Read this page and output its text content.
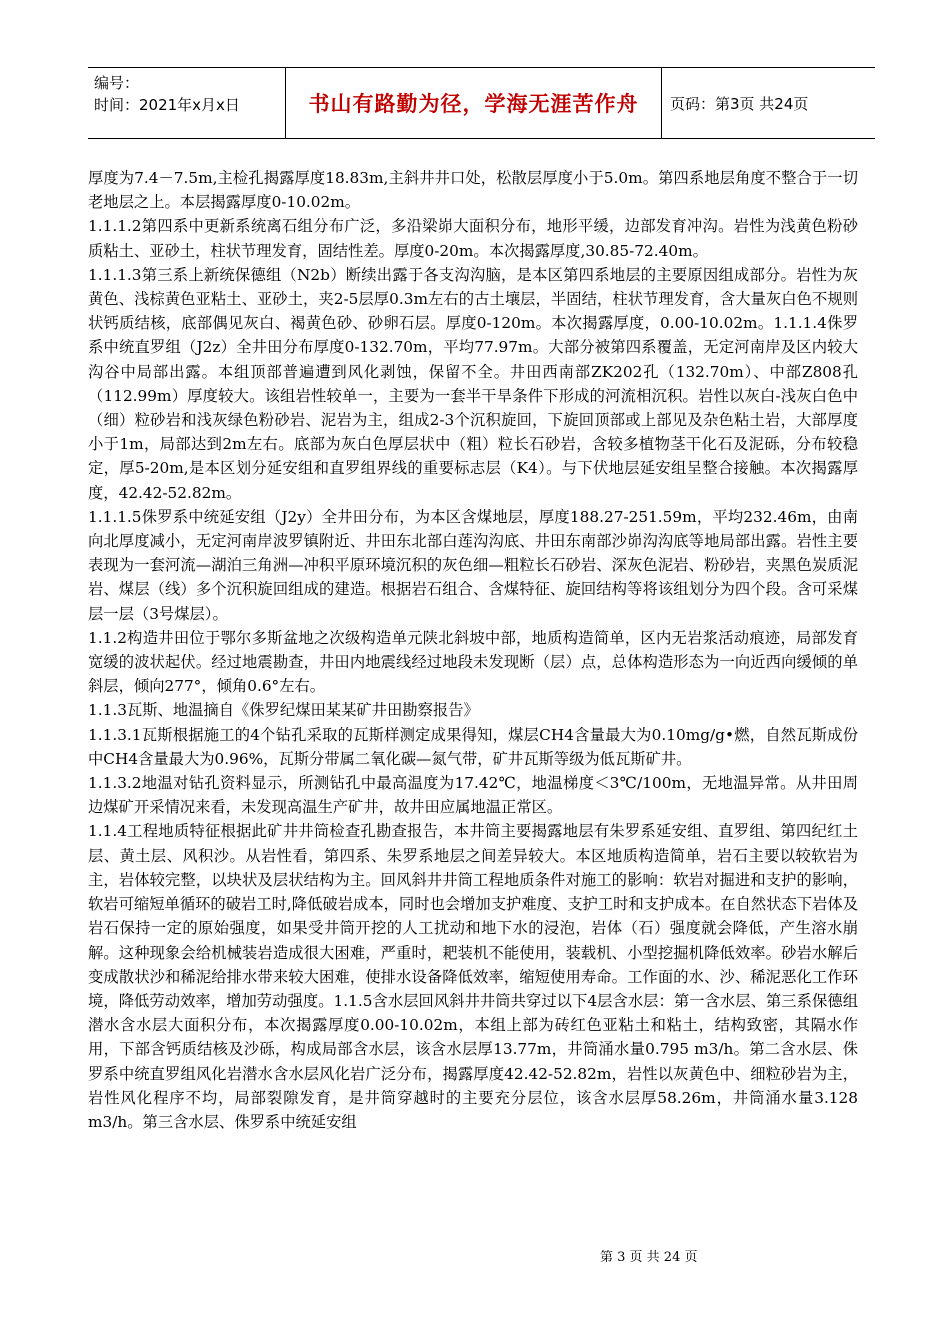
编号：
时间：2021年x月x日	书山有路勤为径，学海无涯苦作舟	页码：第3页 共24页

厚度为7.4－7.5m,主检孔揭露厚度18.83m,主斜井井口处，松散层厚度小于5.0m。第四系地层角度不整合于一切老地层之上。本层揭露厚度0-10.02m。

1.1.1.2第四系中更新系统离石组分布广泛，多沿梁峁大面积分布，地形平缓，边部发育冲沟。岩性为浅黄色粉砂质粘土、亚砂土，柱状节理发育，固结性差。厚度0-20m。本次揭露厚度,30.85-72.40m。

1.1.1.3第三系上新统保德组（N2b）断续出露于各支沟沟脑，是本区第四系地层的主要原因组成部分。岩性为灰黄色、浅棕黄色亚粘土、亚砂土，夹2-5层厚0.3m左右的古土壤层，半固结，柱状节理发育，含大量灰白色不规则状钙质结核，底部偶见灰白、褐黄色砂、砂卵石层。厚度0-120m。本次揭露厚度，0.00-10.02m。1.1.1.4侏罗系中统直罗组（J2z）全井田分布厚度0-132.70m，平均77.97m。大部分被第四系覆盖，无定河南岸及区内较大沟谷中局部出露。本组顶部普遍遭到风化剥蚀，保留不全。井田西南部ZK202孔（132.70m）、中部Z808孔（112.99m）厚度较大。该组岩性较单一，主要为一套半干旱条件下形成的河流相沉积。岩性以灰白-浅灰白色中（细）粒砂岩和浅灰绿色粉砂岩、泥岩为主，组成2-3个沉积旋回，下旋回顶部或上部见及杂色粘土岩，大部厚度小于1m，局部达到2m左右。底部为灰白色厚层状中（粗）粒长石砂岩，含较多植物茎干化石及泥砾，分布较稳定，厚5-20m,是本区划分延安组和直罗组界线的重要标志层（K4）。与下伏地层延安组呈整合接触。本次揭露厚度，42.42-52.82m。

1.1.1.5侏罗系中统延安组（J2y）全井田分布，为本区含煤地层，厚度188.27-251.59m，平均232.46m，由南向北厚度减小，无定河南岸波罗镇附近、井田东北部白莲沟沟底、井田东南部沙峁沟沟底等地局部出露。岩性主要表现为一套河流—湖泊三角洲—冲积平原环境沉积的灰色细—粗粒长石砂岩、深灰色泥岩、粉砂岩，夹黑色炭质泥岩、煤层（线）多个沉积旋回组成的建造。根据岩石组合、含煤特征、旋回结构等将该组划分为四个段。含可采煤层一层（3号煤层）。

1.1.2构造井田位于鄂尔多斯盆地之次级构造单元陕北斜坡中部，地质构造简单，区内无岩浆活动痕迹，局部发育宽缓的波状起伏。经过地震勘查，井田内地震线经过地段未发现断（层）点，总体构造形态为一向近西向缓倾的单斜层，倾向277°，倾角0.6°左右。

1.1.3瓦斯、地温摘自《侏罗纪煤田某某矿井田勘察报告》

1.1.3.1瓦斯根据施工的4个钻孔采取的瓦斯样测定成果得知，煤层CH4含量最大为0.10mg/g•燃，自然瓦斯成份中CH4含量最大为0.96%，瓦斯分带属二氧化碳—氮气带，矿井瓦斯等级为低瓦斯矿井。

1.1.3.2地温对钻孔资料显示，所测钻孔中最高温度为17.42℃，地温梯度＜3℃/100m，无地温异常。从井田周边煤矿开采情况来看，未发现高温生产矿井，故井田应属地温正常区。

1.1.4工程地质特征根据此矿井井筒检查孔勘查报告，本井筒主要揭露地层有朱罗系延安组、直罗组、第四纪红土层、黄土层、风积沙。从岩性看，第四系、朱罗系地层之间差异较大。本区地质构造简单，岩石主要以较软岩为主，岩体较完整，以块状及层状结构为主。回风斜井井筒工程地质条件对施工的影响：软岩对掘进和支护的影响，软岩可缩短单循环的破岩工时,降低破岩成本，同时也会增加支护难度、支护工时和支护成本。在自然状态下岩体及岩石保持一定的原始强度，如果受井筒开挖的人工扰动和地下水的浸泡，岩体（石）强度就会降低，产生溶水崩解。这种现象会给机械装岩造成很大困难，严重时，耙装机不能使用，装载机、小型挖掘机降低效率。砂岩水解后变成散状沙和稀泥给排水带来较大困难，使排水设备降低效率，缩短使用寿命。工作面的水、沙、稀泥恶化工作环境，降低劳动效率，增加劳动强度。1.1.5含水层回风斜井井筒共穿过以下4层含水层：第一含水层、第三系保德组潜水含水层大面积分布，本次揭露厚度0.00-10.02m，本组上部为砖红色亚粘土和粘土，结构致密，其隔水作用，下部含钙质结核及沙砾，构成局部含水层，该含水层厚13.77m，井筒涌水量0.795 m3/h。第二含水层、侏罗系中统直罗组风化岩潜水含水层风化岩广泛分布，揭露厚度42.42-52.82m，岩性以灰黄色中、细粒砂岩为主，岩性风化程序不均，局部裂隙发育，是井筒穿越时的主要充分层位，该含水层厚58.26m，井筒涌水量3.128 m3/h。第三含水层、侏罗系中统延安组

第 3 页 共 24 页
